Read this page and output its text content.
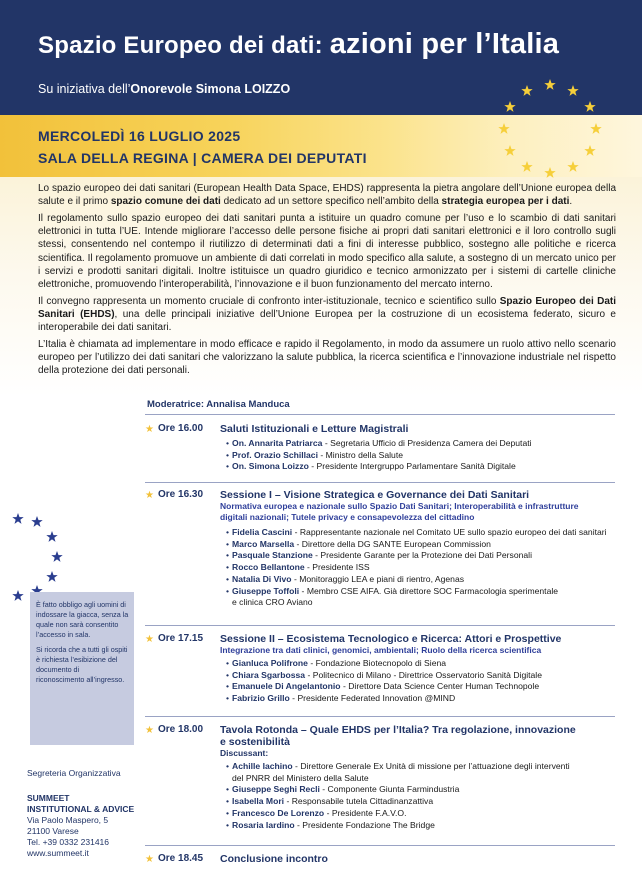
Spazio Europeo dei dati: azioni per l’Italia
Su iniziativa dell’Onorevole Simona LOIZZO
MERCOLEDÌ 16 LUGLIO 2025
SALA DELLA REGINA | CAMERA DEI DEPUTATI

Lo spazio europeo dei dati sanitari (European Health Data Space, EHDS) rappresenta la pietra angolare dell’Unione europea della salute e il primo spazio comune dei dati dedicato ad un settore specifico nell’ambito della strategia europea per i dati.

Il regolamento sullo spazio europeo dei dati sanitari punta a istituire un quadro comune per l’uso e lo scambio di dati sanitari elettronici in tutta l’UE. Intende migliorare l’accesso delle persone fisiche ai propri dati sanitari elettronici e il loro controllo sugli stessi, consentendo nel contempo il riutilizzo di determinati dati a fini di interesse pubblico, sostegno alle politiche e ricerca scientifica. Il regolamento promuove un ambiente di dati correlati in modo specifico alla salute, a sostegno di un mercato unico per i servizi e prodotti sanitari digitali. Inoltre istituisce un quadro giuridico e tecnico armonizzato per i sistemi di cartelle cliniche elettroniche, promuovendo l’interoperabilità, l’innovazione e il buon funzionamento del mercato interno.

Il convegno rappresenta un momento cruciale di confronto inter-istituzionale, tecnico e scientifico sullo Spazio Europeo dei Dati Sanitari (EHDS), una delle principali iniziative dell’Unione Europea per la costruzione di un ecosistema federato, sicuro e interoperabile dei dati sanitari.

L’Italia è chiamata ad implementare in modo efficace e rapido il Regolamento, in modo da assumere un ruolo attivo nello scenario europeo per l’utilizzo dei dati sanitari che valorizzano la salute pubblica, la ricerca scientifica e l’innovazione industriale nel rispetto della protezione dei dati personali.

È fatto obbligo agli uomini di indossare la giacca, senza la quale non sarà consentito l’accesso in sala.

Si ricorda che a tutti gli ospiti è richiesta l’esibizione del documento di riconoscimento all’ingresso.

Segreteria Organizzativa
SUMMEET
INSTITUTIONAL & ADVICE
Via Paolo Maspero, 5
21100 Varese
Tel. +39 0332 231416
www.summeet.it
Moderatrice: Annalisa Manduca
★ Ore 16.00 Saluti Istituzionali e Letture Magistrali
• On. Annarita Patriarca - Segretaria Ufficio di Presidenza Camera dei Deputati
• Prof. Orazio Schillaci - Ministro della Salute
• On. Simona Loizzo - Presidente Intergruppo Parlamentare Sanità Digitale
★ Ore 16.30 Sessione I – Visione Strategica e Governance dei Dati Sanitari
Normativa europea e nazionale sullo Spazio Dati Sanitari; Interoperabilità e infrastrutture
digitali nazionali; Tutele privacy e consapevolezza del cittadino
• Fidelia Cascini - Rappresentante nazionale nel Comitato UE sullo spazio europeo dei dati sanitari
• Marco Marsella - Direttore della DG SANTE European Commission
• Pasquale Stanzione - Presidente Garante per la Protezione dei Dati Personali
• Rocco Bellantone - Presidente ISS
• Natalia Di Vivo - Monitoraggio LEA e piani di rientro, Agenas
• Giuseppe Toffoli - Membro CSE AIFA. Già direttore SOC Farmacologia sperimentale
e clinica CRO Aviano
★ Ore 17.15 Sessione II – Ecosistema Tecnologico e Ricerca: Attori e Prospettive
Integrazione tra dati clinici, genomici, ambientali; Ruolo della ricerca scientifica
• Gianluca Polifrone - Fondazione Biotecnopolo di Siena
• Chiara Sgarbossa - Politecnico di Milano - Direttrice Osservatorio Sanità Digitale
• Emanuele Di Angelantonio - Direttore Data Science Center Human Technopole
• Fabrizio Grillo - Presidente Federated Innovation @MIND
★ Ore 18.00 Tavola Rotonda – Quale EHDS per l’Italia? Tra regolazione, innovazione
e sostenibilità
Discussant:
• Achille Iachino - Direttore Generale Ex Unità di missione per l’attuazione degli interventi
del PNRR del Ministero della Salute
• Giuseppe Seghi Recli - Componente Giunta Farmindustria
• Isabella Mori - Responsabile tutela Cittadinanzattiva
• Francesco De Lorenzo - Presidente F.A.V.O.
• Rosaria Iardino - Presidente Fondazione The Bridge
★ Ore 18.45 Conclusione incontro
